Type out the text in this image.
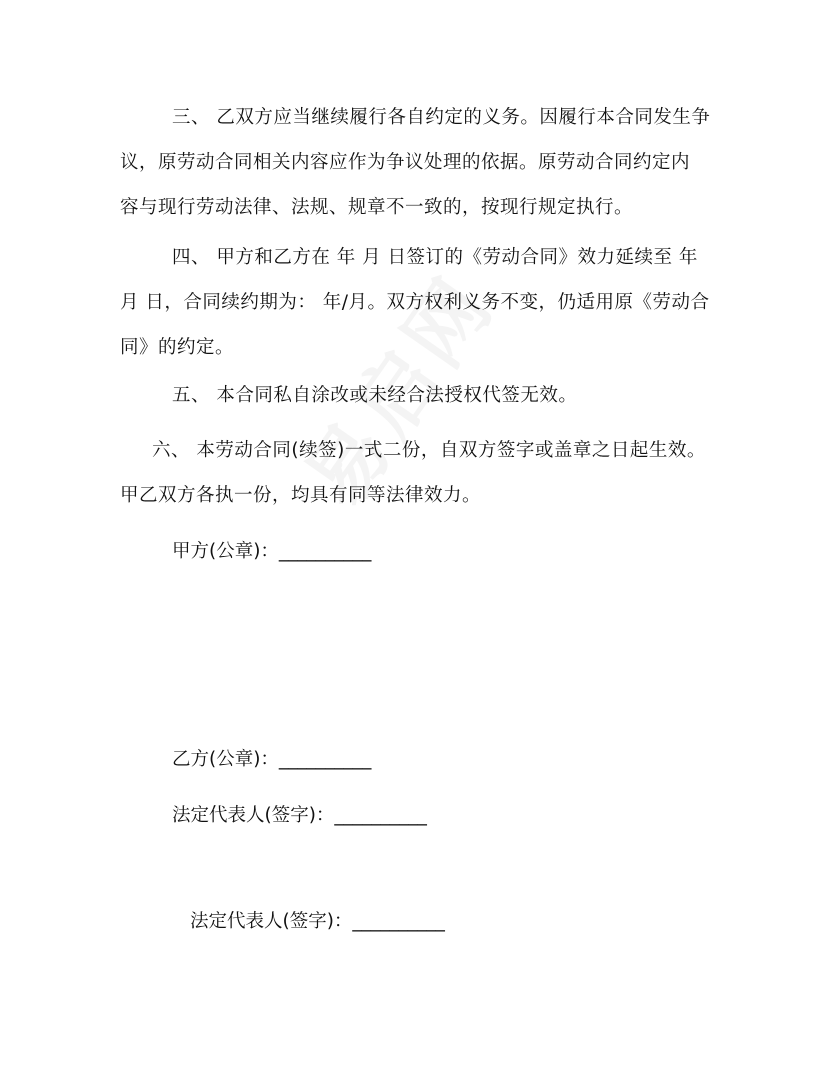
三、 乙双方应当继续履行各自约定的义务。因履行本合同发生争
议，原劳动合同相关内容应作为争议处理的依据。原劳动合同约定内
容与现行劳动法律、法规、规章不一致的，按现行规定执行。
四、 甲方和乙方在 年 月 日签订的《劳动合同》效力延续至 年
月 日，合同续约期为： 年/月。双方权利义务不变，仍适用原《劳动合
同》的约定。
五、 本合同私自涂改或未经合法授权代签无效。
六、 本劳动合同(续签)一式二份，自双方签字或盖章之日起生效。
甲乙双方各执一份，均具有同等法律效力。
甲方(公章)：__________
乙方(公章)：__________
法定代表人(签字)：__________
法定代表人(签字)：__________
